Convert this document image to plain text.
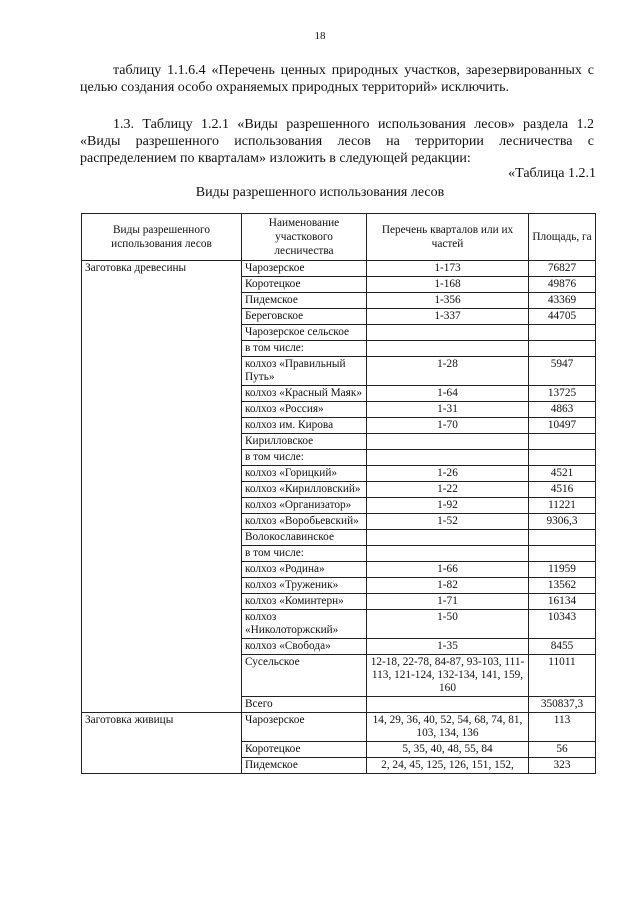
18

таблицу 1.1.6.4 «Перечень ценных природных участков, зарезервированных с целью создания особо охраняемых природных территорий» исключить.

1.3. Таблицу 1.2.1 «Виды разрешенного использования лесов» раздела 1.2 «Виды разрешенного использования лесов на территории лесничества с распределением по кварталам» изложить в следующей редакции:

«Таблица 1.2.1
Виды разрешенного использования лесов
Виды разрешенного использования лесов	Наименование участкового лесничества	Перечень кварталов или их частей	Площадь, га
Заготовка древесины	Чарозерское	1-173	76827
	Коротецкое	1-168	49876
	Пидемское	1-356	43369
	Береговское	1-337	44705
	Чарозерское сельское		
	в том числе:		
	колхоз «Правильный Путь»	1-28	5947
	колхоз «Красный Маяк»	1-64	13725
	колхоз «Россия»	1-31	4863
	колхоз им. Кирова	1-70	10497
	Кирилловское		
	в том числе:		
	колхоз «Горицкий»	1-26	4521
	колхоз «Кирилловский»	1-22	4516
	колхоз «Организатор»	1-92	11221
	колхоз «Воробьевский»	1-52	9306,3
	Волокославинское		
	в том числе:		
	колхоз «Родина»	1-66	11959
	колхоз «Труженик»	1-82	13562
	колхоз «Коминтерн»	1-71	16134
	колхоз «Николоторжский»	1-50	10343
	колхоз «Свобода»	1-35	8455
	Сусельское	12-18, 22-78, 84-87, 93-103, 111-113, 121-124, 132-134, 141, 159, 160	11011
	Всего		350837,3
Заготовка живицы	Чарозерское	14, 29, 36, 40, 52, 54, 68, 74, 81, 103, 134, 136	113
	Коротецкое	5, 35, 40, 48, 55, 84	56
	Пидемское	2, 24, 45, 125, 126, 151, 152,	323
